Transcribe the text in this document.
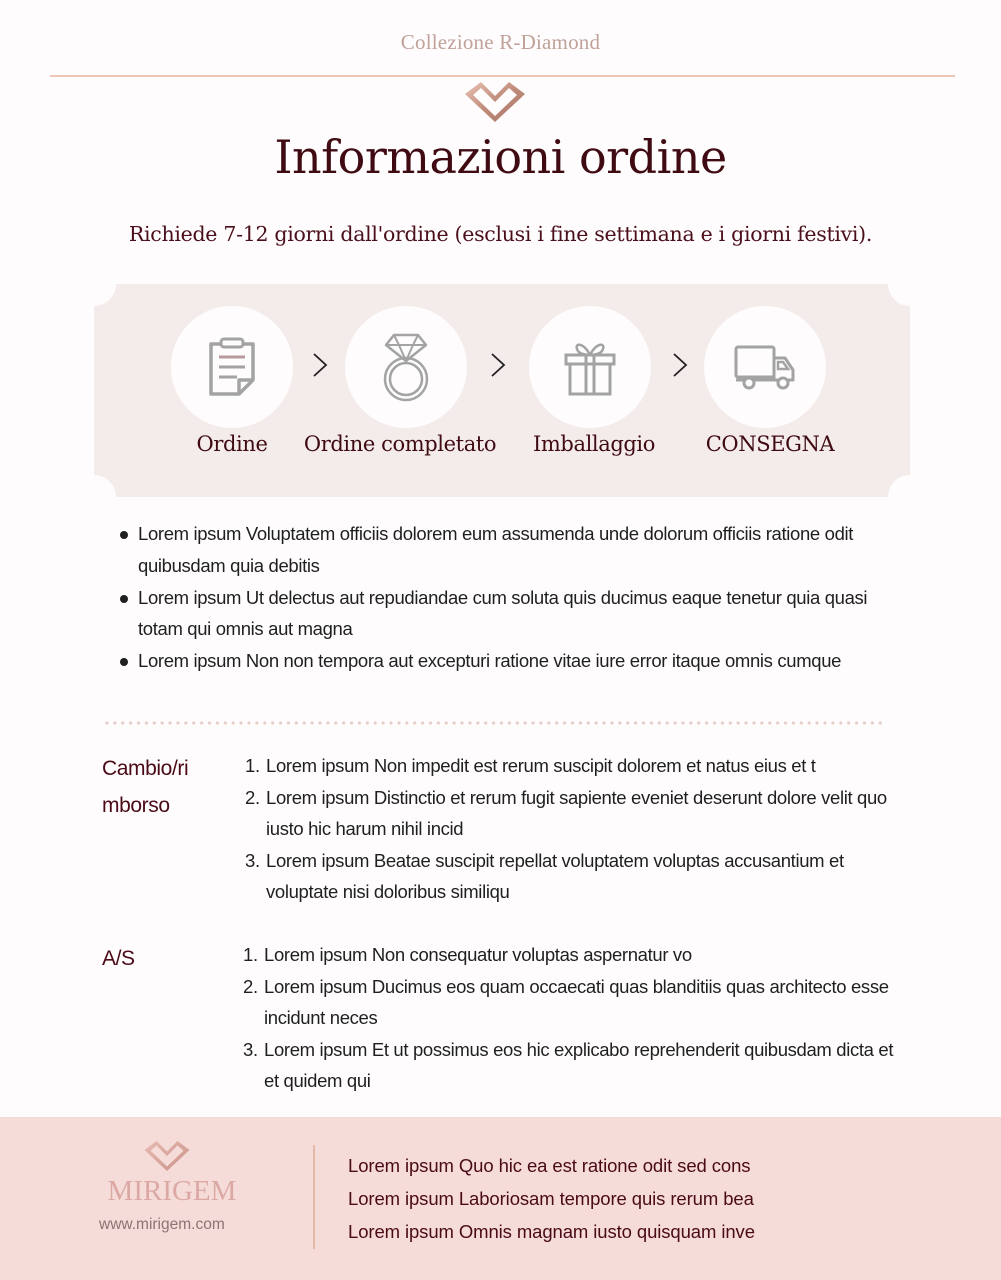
Collezione R-Diamond
Informazioni ordine
Richiede 7-12 giorni dall'ordine (esclusi i fine settimana e i giorni festivi).
Ordine	Ordine completato	Imballaggio	CONSEGNA
Lorem ipsum Voluptatem officiis dolorem eum assumenda unde dolorum officiis ratione odit quibusdam quia debitis
Lorem ipsum Ut delectus aut repudiandae cum soluta quis ducimus eaque tenetur quia quasi totam qui omnis aut magna
Lorem ipsum Non non tempora aut excepturi ratione vitae iure error itaque omnis cumque
Cambio/rimborso
1. Lorem ipsum Non impedit est rerum suscipit dolorem et natus eius et t
2. Lorem ipsum Distinctio et rerum fugit sapiente eveniet deserunt dolore velit quo iusto hic harum nihil incid
3. Lorem ipsum Beatae suscipit repellat voluptatem voluptas accusantium et voluptate nisi doloribus similiqu
A/S	1. Lorem ipsum Non consequatur voluptas aspernatur vo
2. Lorem ipsum Ducimus eos quam occaecati quas blanditiis quas architecto esse incidunt neces
3. Lorem ipsum Et ut possimus eos hic explicabo reprehenderit quibusdam dicta et et quidem qui
MIRIGEM
www.mirigem.com
Lorem ipsum Quo hic ea est ratione odit sed cons
Lorem ipsum Laboriosam tempore quis rerum bea
Lorem ipsum Omnis magnam iusto quisquam inve
